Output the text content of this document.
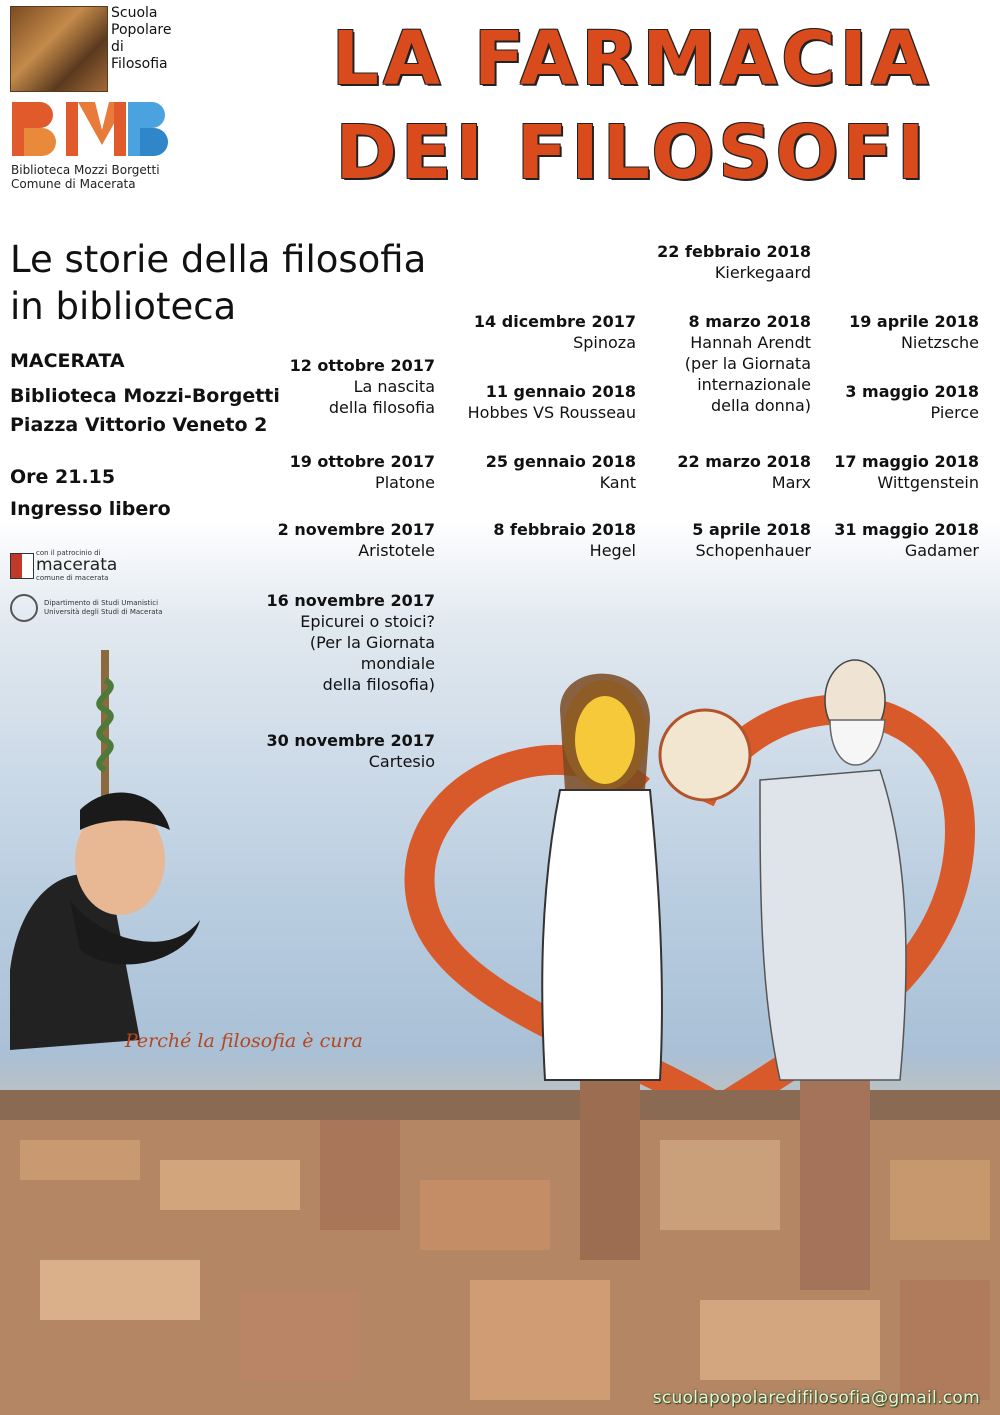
Scuola
Popolare
di
Filosofia
Biblioteca Mozzi Borgetti
Comune di Macerata
LA FARMACIA
DEI FILOSOFI
Le storie della filosofia
in biblioteca
MACERATA
Biblioteca Mozzi-Borgetti
Piazza Vittorio Veneto 2
Ore 21.15
Ingresso libero
con il patrocinio di
macerata
comune di macerata
Dipartimento di Studi Umanistici
Università degli Studi di Macerata
12 ottobre 2017
La nascita
della filosofia
19 ottobre 2017
Platone
2 novembre 2017
Aristotele
16 novembre 2017
Epicurei o stoici?
(Per la Giornata
mondiale
della filosofia)
30 novembre 2017
Cartesio
14 dicembre 2017
Spinoza
11 gennaio 2018
Hobbes VS Rousseau
25 gennaio 2018
Kant
8 febbraio 2018
Hegel
22 febbraio 2018
Kierkegaard
8 marzo 2018
Hannah Arendt
(per la Giornata
internazionale
della donna)
22 marzo 2018
Marx
5 aprile 2018
Schopenhauer
19 aprile 2018
Nietzsche
3 maggio 2018
Pierce
17 maggio 2018
Wittgenstein
31 maggio 2018
Gadamer
Perché la filosofia è cura
scuolapopolaredifilosofia@gmail.com
